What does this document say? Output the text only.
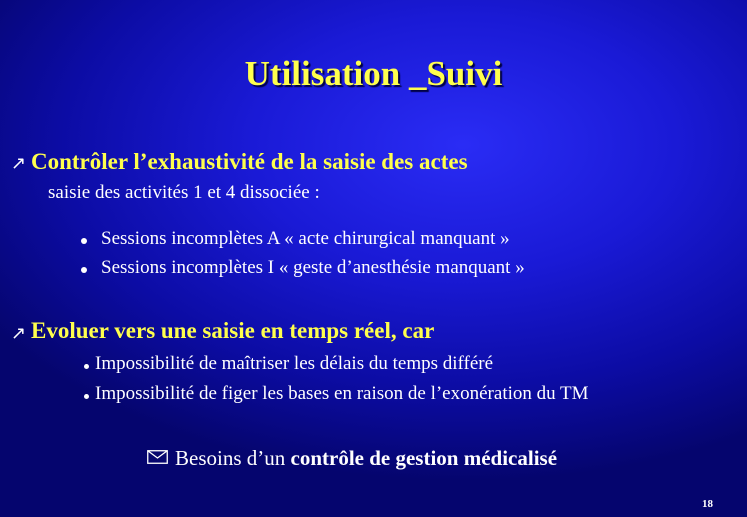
Utilisation _Suivi
↗ Contrôler l’exhaustivité de la saisie des actes
saisie des activités 1 et 4 dissociée :
Sessions incomplètes A « acte chirurgical manquant »
Sessions incomplètes I « geste d’anesthésie manquant »
↗ Evoluer vers une saisie en temps réel, car
Impossibilité de maîtriser les délais du temps différé
Impossibilité de figer les bases en raison de l’exonération du TM
Besoins d’un contrôle de gestion médicalisé
18
